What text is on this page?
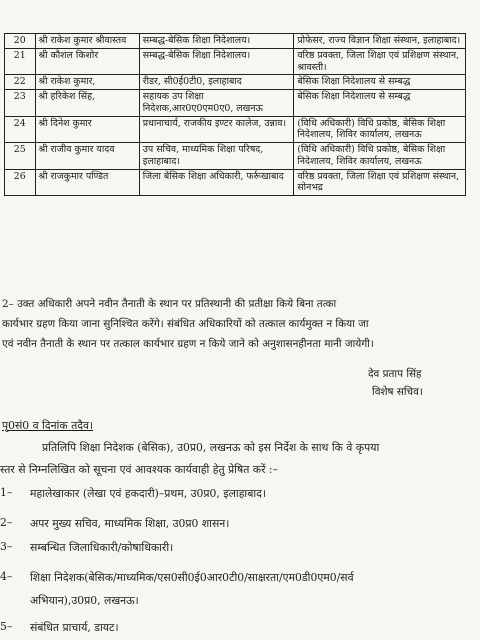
20	श्री राकेश कुमार श्रीवास्तव	सम्बद्ध-बेसिक शिक्षा निदेशालय।	प्रोफेसर, राज्य विज्ञान शिक्षा संस्थान, इलाहाबाद।
21	श्री कौशल किशोर	सम्बद्ध-बेसिक शिक्षा निदेशालय।	वरिष्ठ प्रवक्ता, जिला शिक्षा एवं प्रशिक्षण संस्थान, श्रावस्ती।
22	श्री राकेश कुमार,	रीडर, सी0ई0टी0, इलाहाबाद	बेसिक शिक्षा निदेशालय से सम्बद्ध
23	श्री हरिकेश सिंह,	सहायक उप शिक्षा निदेशक,आर0ए0एम0ए0, लखनऊ	बेसिक शिक्षा निदेशालय से सम्बद्ध
24	श्री दिनेश कुमार	प्रधानाचार्य, राजकीय इण्टर कालेज, उन्नाव।	(विधि अधिकारी) विधि प्रकोष्ठ, बेसिक शिक्षा निदेशालय, शिविर कार्यालय, लखनऊ
25	श्री राजीव कुमार यादव	उप सचिव, माध्यमिक शिक्षा परिषद, इलाहाबाद।	(विधि अधिकारी) विधि प्रकोष्ठ, बेसिक शिक्षा निदेशालय, शिविर कार्यालय, लखनऊ
26	श्री राजकुमार पण्डित	जिला बेसिक शिक्षा अधिकारी, फर्रूखाबाद	वरिष्ठ प्रवक्ता, जिला शिक्षा एवं प्रशिक्षण संस्थान, सोनभद्र
2– उक्त अधिकारी अपने नवीन तैनाती के स्थान पर प्रतिस्थानी की प्रतीक्षा किये बिना तत्का
कार्यभार ग्रहण किया जाना सुनिश्चित करेंगे। संबंधित अधिकारियों को तत्काल कार्यमुक्त न किया जा
एवं नवीन तैनाती के स्थान पर तत्काल कार्यभार ग्रहण न किये जाने को अनुशासनहीनता मानी जायेगी।
देव प्रताप सिंह
विशेष सचिव।
पृ0सं0 व दिनांक तदैव।
प्रतिलिपि शिक्षा निदेशक (बेसिक), उ0प्र0, लखनऊ को इस निर्देश के साथ कि वे कृपया
स्तर से निम्नलिखित को सूचना एवं आवश्यक कार्यवाही हेतु प्रेषित करें :–
1– महालेखाकार (लेखा एवं हकदारी)–प्रथम, उ0प्र0, इलाहाबाद।
2– अपर मुख्य सचिव, माध्यमिक शिक्षा, उ0प्र0 शासन।
3– सम्बन्धित जिलाधिकारी/कोषाधिकारी।
4– शिक्षा निदेशक(बेसिक/माध्यमिक/एस0सी0ई0आर0टी0/साक्षरता/एम0डी0एम0/सर्व
अभियान),उ0प्र0, लखनऊ।
5– संबंधित प्राचार्य, डायट।
